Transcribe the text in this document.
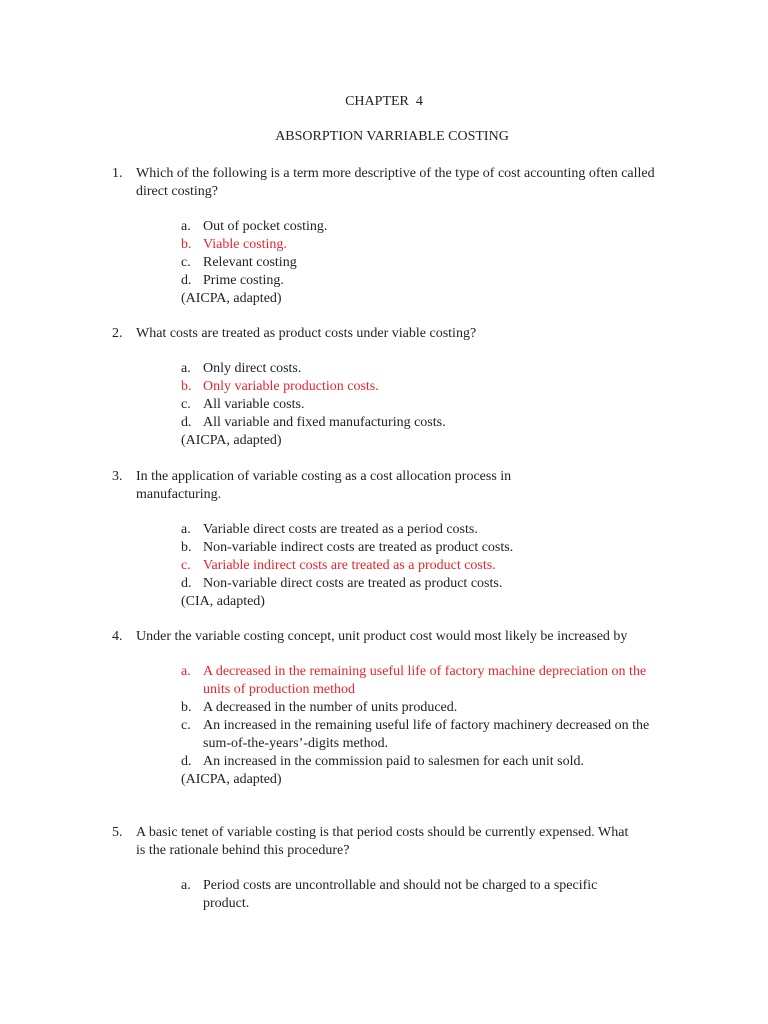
CHAPTER  4
ABSORPTION VARRIABLE COSTING
1. Which of the following is a term more descriptive of the type of cost accounting often called direct costing?
a. Out of pocket costing.
b. Viable costing.
c. Relevant costing
d. Prime costing.
(AICPA, adapted)
2. What costs are treated as product costs under viable costing?
a. Only direct costs.
b. Only variable production costs.
c. All variable costs.
d. All variable and fixed manufacturing costs.
(AICPA, adapted)
3. In the application of variable costing as a cost allocation process in manufacturing.
a. Variable direct costs are treated as a period costs.
b. Non-variable indirect costs are treated as product costs.
c. Variable indirect costs are treated as a product costs.
d. Non-variable direct costs are treated as product costs.
(CIA, adapted)
4. Under the variable costing concept, unit product cost would most likely be increased by
a. A decreased in the remaining useful life of factory machine depreciation on the units of production method
b. A decreased in the number of units produced.
c. An increased in the remaining useful life of factory machinery decreased on the sum-of-the-years’-digits method.
d. An increased in the commission paid to salesmen for each unit sold.
(AICPA, adapted)
5. A basic tenet of variable costing is that period costs should be currently expensed. What is the rationale behind this procedure?
a. Period costs are uncontrollable and should not be charged to a specific product.
